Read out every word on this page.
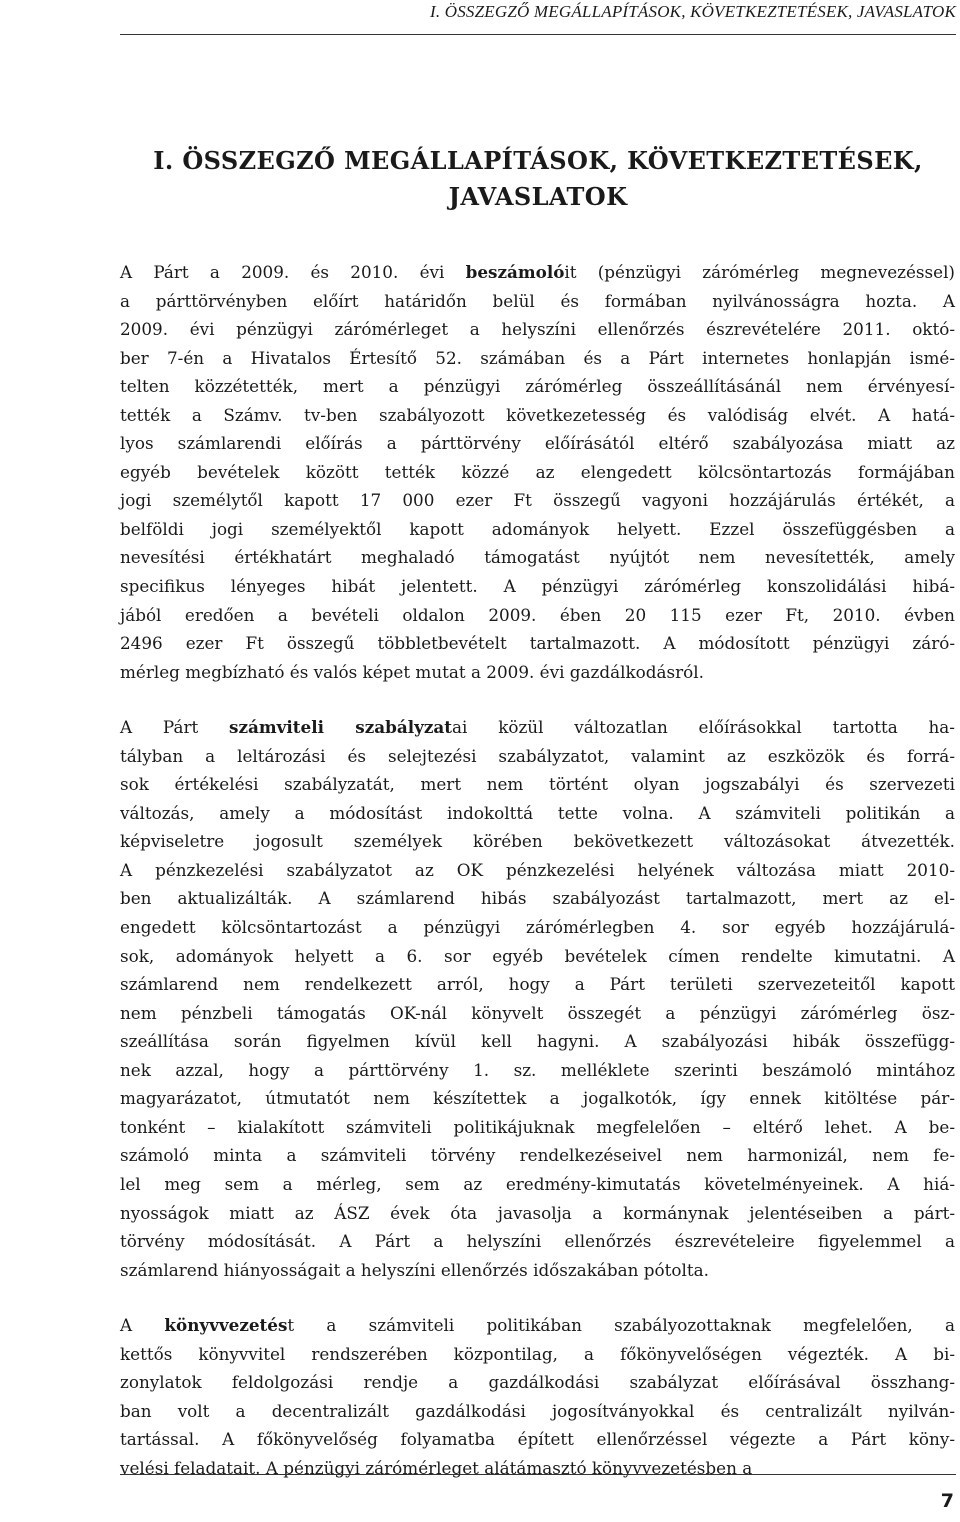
I. ÖSSZEGZŐ MEGÁLLAPÍTÁSOK, KÖVETKEZTETÉSEK, JAVASLATOK
I. ÖSSZEGZŐ MEGÁLLAPÍTÁSOK, KÖVETKEZTETÉSEK,
JAVASLATOK
A Párt a 2009. és 2010. évi beszámolóit (pénzügyi zárómérleg megnevezéssel)
a párttörvényben előírt határidőn belül és formában nyilvánosságra hozta. A
2009. évi pénzügyi zárómérleget a helyszíni ellenőrzés észrevételére 2011. októ-
ber 7-én a Hivatalos Értesítő 52. számában és a Párt internetes honlapján ismé-
telten közzétették, mert a pénzügyi zárómérleg összeállításánál nem érvényesí-
tették a Számv. tv-ben szabályozott következetesség és valódiság elvét. A hatá-
lyos számlarendi előírás a párttörvény előírásától eltérő szabályozása miatt az
egyéb bevételek között tették közzé az elengedett kölcsöntartozás formájában
jogi személytől kapott 17 000 ezer Ft összegű vagyoni hozzájárulás értékét, a
belföldi jogi személyektől kapott adományok helyett. Ezzel összefüggésben a
nevesítési értékhatárt meghaladó támogatást nyújtót nem nevesítették, amely
specifikus lényeges hibát jelentett. A pénzügyi zárómérleg konszolidálási hibá-
jából eredően a bevételi oldalon 2009. ében 20 115 ezer Ft, 2010. évben
2496 ezer Ft összegű többletbevételt tartalmazott. A módosított pénzügyi záró-
mérleg megbízható és valós képet mutat a 2009. évi gazdálkodásról.
A Párt számviteli szabályzatai közül változatlan előírásokkal tartotta ha-
tályban a leltározási és selejtezési szabályzatot, valamint az eszközök és forrá-
sok értékelési szabályzatát, mert nem történt olyan jogszabályi és szervezeti
változás, amely a módosítást indokolttá tette volna. A számviteli politikán a
képviseletre jogosult személyek körében bekövetkezett változásokat átvezették.
A pénzkezelési szabályzatot az OK pénzkezelési helyének változása miatt 2010-
ben aktualizálták. A számlarend hibás szabályozást tartalmazott, mert az el-
engedett kölcsöntartozást a pénzügyi zárómérlegben 4. sor egyéb hozzájárulá-
sok, adományok helyett a 6. sor egyéb bevételek címen rendelte kimutatni. A
számlarend nem rendelkezett arról, hogy a Párt területi szervezeteitől kapott
nem pénzbeli támogatás OK-nál könyvelt összegét a pénzügyi zárómérleg ösz-
szeállítása során figyelmen kívül kell hagyni. A szabályozási hibák összefügg-
nek azzal, hogy a párttörvény 1. sz. melléklete szerinti beszámoló mintához
magyarázatot, útmutatót nem készítettek a jogalkotók, így ennek kitöltése pár-
tonként – kialakított számviteli politikájuknak megfelelően – eltérő lehet. A be-
számoló minta a számviteli törvény rendelkezéseivel nem harmonizál, nem fe-
lel meg sem a mérleg, sem az eredmény-kimutatás követelményeinek. A hiá-
nyosságok miatt az ÁSZ évek óta javasolja a kormánynak jelentéseiben a párt-
törvény módosítását. A Párt a helyszíni ellenőrzés észrevételeire figyelemmel a
számlarend hiányosságait a helyszíni ellenőrzés időszakában pótolta.
A könyvvezetést a számviteli politikában szabályozottaknak megfelelően, a
kettős könyvvitel rendszerében központilag, a főkönyvelőségen végezték. A bi-
zonylatok feldolgozási rendje a gazdálkodási szabályzat előírásával összhang-
ban volt a decentralizált gazdálkodási jogosítványokkal és centralizált nyilván-
tartással. A főkönyvelőség folyamatba épített ellenőrzéssel végezte a Párt köny-
velési feladatait. A pénzügyi zárómérleget alátámasztó könyvvezetésben a
7
